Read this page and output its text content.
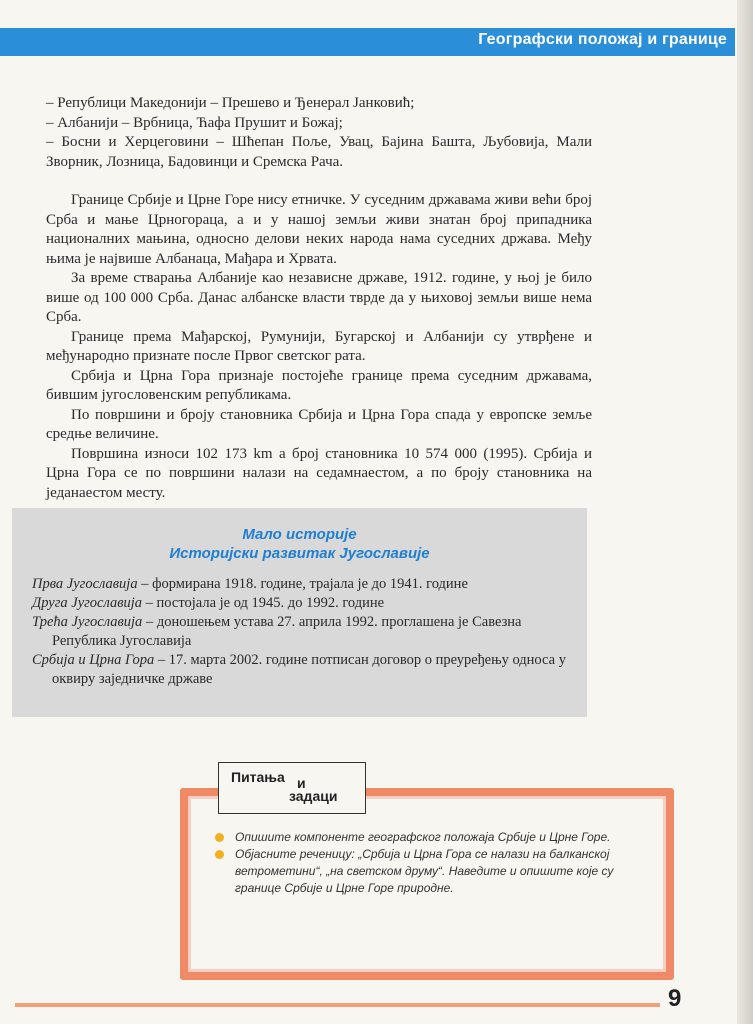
Географски положај и границе

– Републици Македонији – Прешево и Ђенерал Јанковић;

– Албанији – Врбница, Ћафа Прушит и Божај;

– Босни и Херцеговини – Шћепан Поље, Увац, Бајина Башта, Љубовија, Мали Зворник, Лозница, Бадовинци и Сремска Рача.

Границе Србије и Црне Горе нису етничке. У суседним државама живи већи број Срба и мање Црногораца, а и у нашој земљи живи знатан број припадника националних мањина, односно делови неких народа нама суседних држава. Међу њима је највише Албанаца, Мађара и Хрвата.

За време стварања Албаније као независне државе, 1912. године, у њој је било више од 100 000 Срба. Данас албанске власти тврде да у њиховој земљи више нема Срба.

Границе према Мађарској, Румунији, Бугарској и Албанији су утврђене и међународно признате после Првог светског рата.

Србија и Црна Гора признаје постојеће границе према суседним државама, бившим југословенским републикама.

По површини и броју становника Србија и Црна Гора спада у европске земље средње величине.

Површина износи 102 173 km а број становника 10 574 000 (1995). Србија и Црна Гора се по површини налази на седамнаестом, а по броју становника на једанаестом месту.

Мало историје
Историјски развитак Југославије

Прва Југославија – формирана 1918. године, трајала је до 1941. године

Друга Југославија – постојала је од 1945. до 1992. године

Трећа Југославија – доношењем устава 27. априла 1992. проглашена је Савезна Република Југославија

Србија и Црна Гора – 17. марта 2002. године потписан договор о преуређењу односа у оквиру заједничке државе

Питања и
задаци

Опишите компоненте географског положаја Србије и Црне Горе.

Објасните реченицу: „Србија и Црна Гора се налази на балканској ветрометини“, „на светском друму“. Наведите и опишите које су границе Србије и Црне Горе природне.

9
